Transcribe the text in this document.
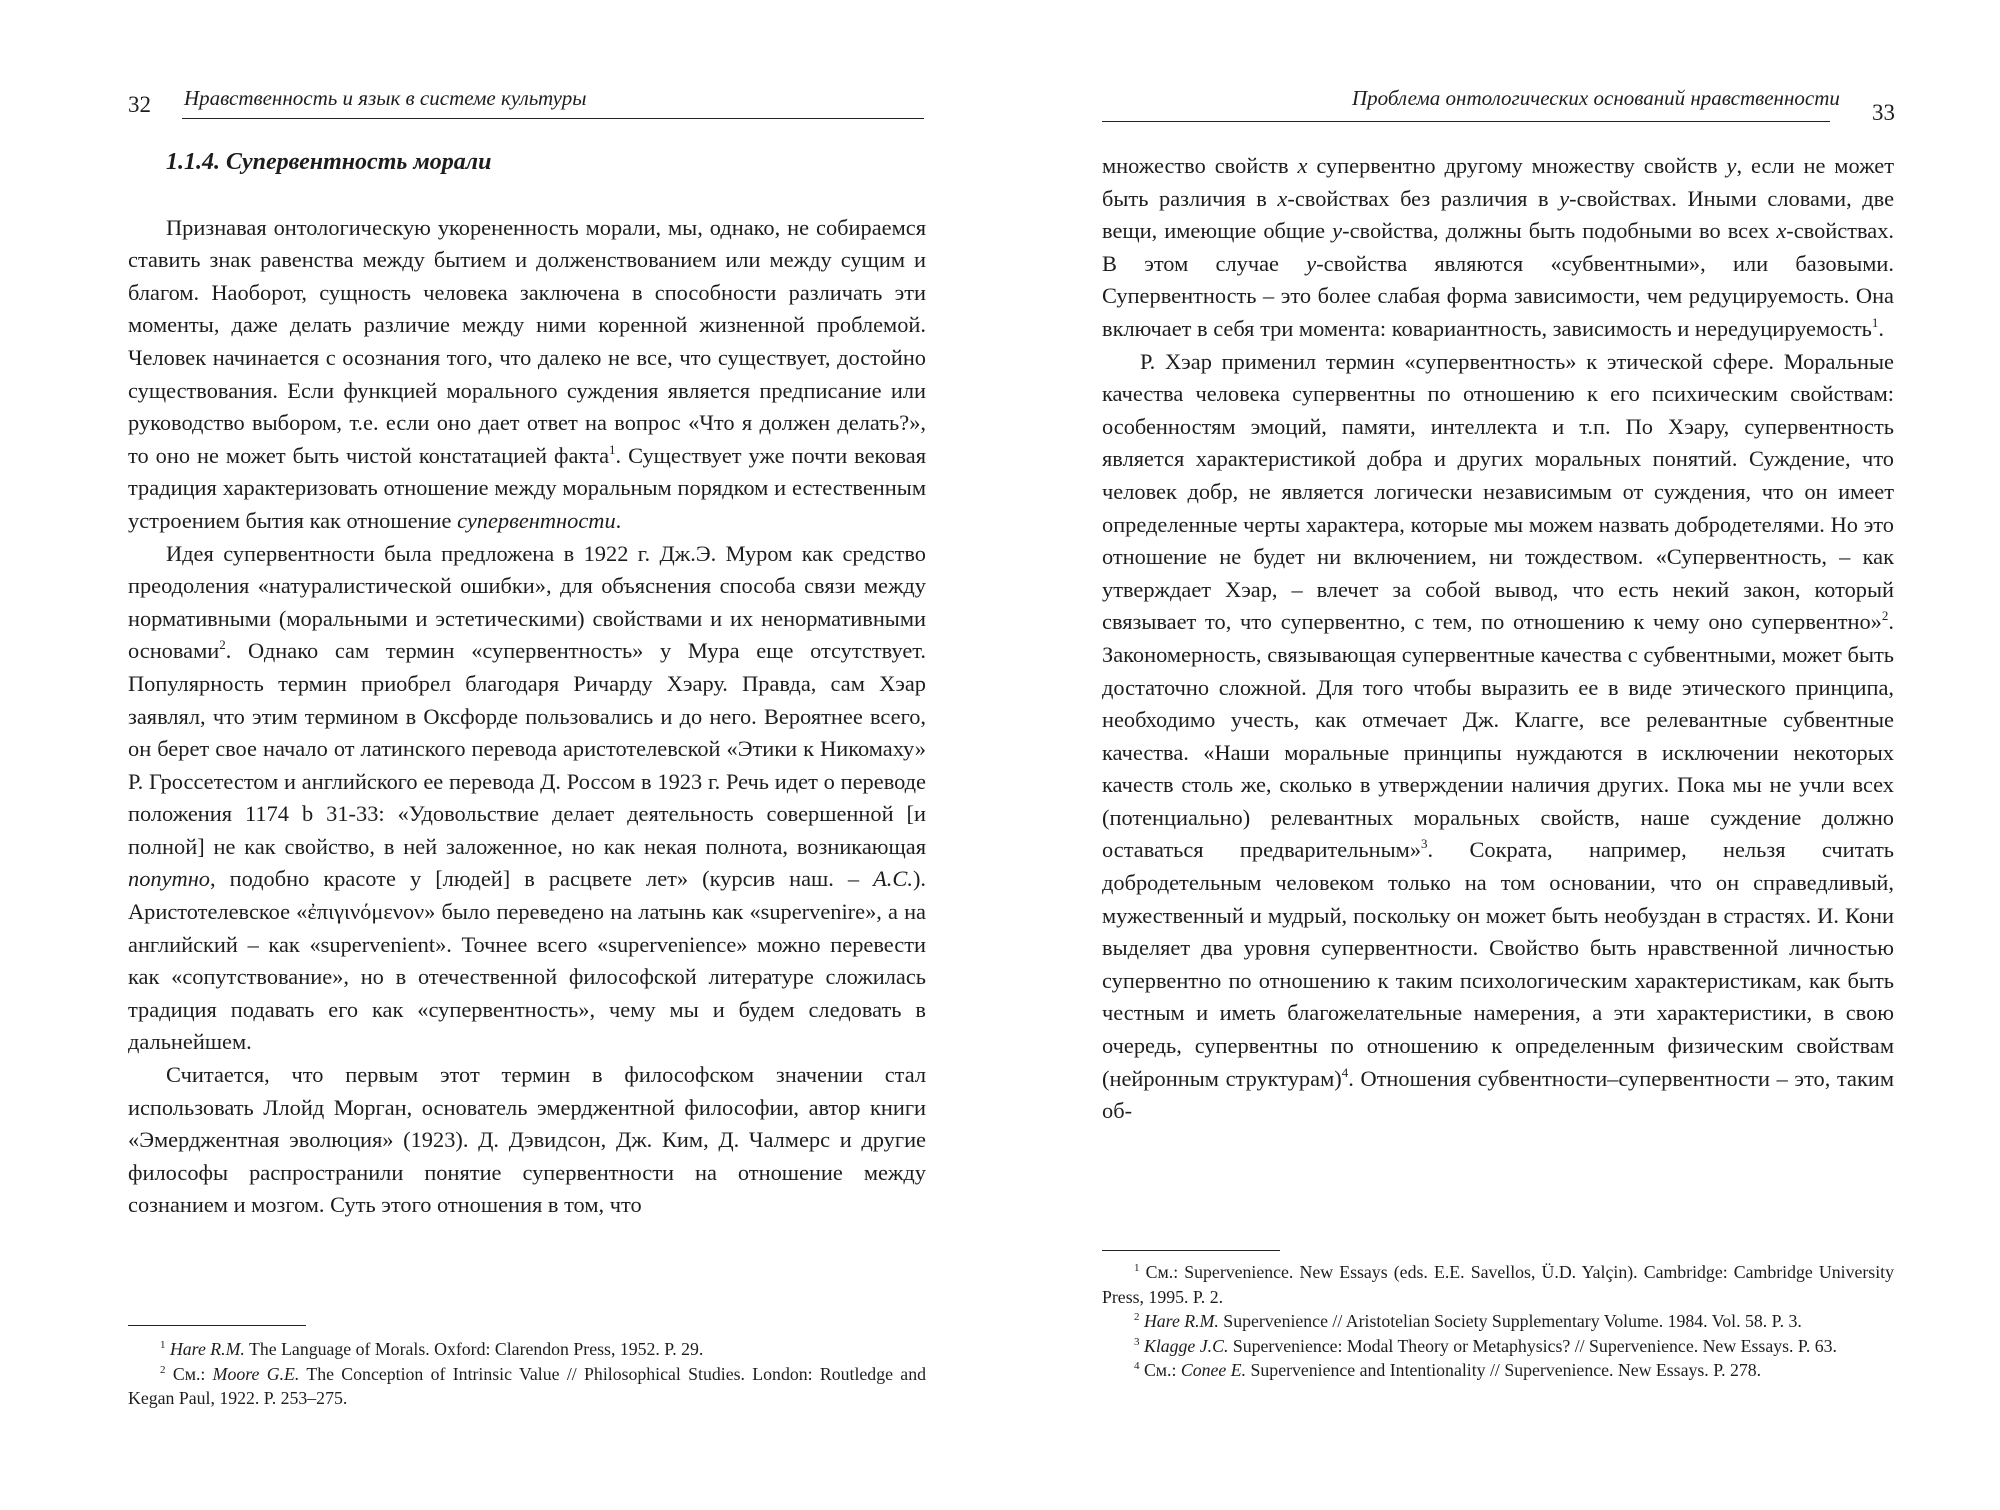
32 Нравственность и язык в системе культуры
1.1.4. Супервентность морали

Признавая онтологическую укорененность морали, мы, однако, не собираемся ставить знак равенства между бытием и долженствованием или между сущим и благом. Наоборот, сущность человека заключена в способности различать эти моменты, даже делать различие между ними коренной жизненной проблемой. Человек начинается с осознания того, что далеко не все, что существует, достойно существования. Если функцией морального суждения является предписание или руководство выбором, т.е. если оно дает ответ на вопрос «Что я должен делать?», то оно не может быть чистой констатацией факта$^1$. Существует уже почти вековая традиция характеризовать отношение между моральным порядком и естественным устроением бытия как отношение супервентности.

Идея супервентности была предложена в 1922 г. Дж.Э. Муром как средство преодоления «натуралистической ошибки», для объяснения способа связи между нормативными (моральными и эстетическими) свойствами и их ненормативными основами$^2$. Однако сам термин «супервентность» у Мура еще отсутствует. Популярность термин приобрел благодаря Ричарду Хэару. Правда, сам Хэар заявлял, что этим термином в Оксфорде пользовались и до него. Вероятнее всего, он берет свое начало от латинского перевода аристотелевской «Этики к Никомаху» Р. Гроссетестом и английского ее перевода Д. Россом в 1923 г. Речь идет о переводе положения 1174 b 31-33: «Удовольствие делает деятельность совершенной [и полной] не как свойство, в ней заложенное, но как некая полнота, возникающая попутно, подобно красоте у [людей] в расцвете лет» (курсив наш. – А.С.). Аристотелевское «ἐπιγινόμενον» было переведено на латынь как «supervenire», а на английский – как «supervenient». Точнее всего «supervenience» можно перевести как «сопутствование», но в отечественной философской литературе сложилась традиция подавать его как «супервентность», чему мы и будем следовать в дальнейшем.

Считается, что первым этот термин в философском значении стал использовать Ллойд Морган, основатель эмерджентной философии, автор книги «Эмерджентная эволюция» (1923). Д. Дэвидсон, Дж. Ким, Д. Чалмерс и другие философы распространили понятие супервентности на отношение между сознанием и мозгом. Суть этого отношения в том, что

$^1$ Hare R.M. The Language of Morals. Oxford: Clarendon Press, 1952. P. 29.

$^2$ См.: Moore G.E. The Conception of Intrinsic Value // Philosophical Studies. London: Routledge and Kegan Paul, 1922. P. 253–275.

Проблема онтологических оснований нравственности
33

множество свойств x супервентно другому множеству свойств y, если не может быть различия в x-свойствах без различия в y-свойствах. Иными словами, две вещи, имеющие общие y-свойства, должны быть подобными во всех x-свойствах. В этом случае y-свойства являются «субвентными», или базовыми. Супервентность – это более слабая форма зависимости, чем редуцируемость. Она включает в себя три момента: ковариантность, зависимость и нередуцируемость$^1$.

Р. Хэар применил термин «супервентность» к этической сфере. Моральные качества человека супервентны по отношению к его психическим свойствам: особенностям эмоций, памяти, интеллекта и т.п. По Хэару, супервентность является характеристикой добра и других моральных понятий. Суждение, что человек добр, не является логически независимым от суждения, что он имеет определенные черты характера, которые мы можем назвать добродетелями. Но это отношение не будет ни включением, ни тождеством. «Супервентность, – как утверждает Хэар, – влечет за собой вывод, что есть некий закон, который связывает то, что супервентно, с тем, по отношению к чему оно супервентно»$^2$. Закономерность, связывающая супервентные качества с субвентными, может быть достаточно сложной. Для того чтобы выразить ее в виде этического принципа, необходимо учесть, как отмечает Дж. Клагге, все релевантные субвентные качества. «Наши моральные принципы нуждаются в исключении некоторых качеств столь же, сколько в утверждении наличия других. Пока мы не учли всех (потенциально) релевантных моральных свойств, наше суждение должно оставаться предварительным»$^3$. Сократа, например, нельзя считать добродетельным человеком только на том основании, что он справедливый, мужественный и мудрый, поскольку он может быть необуздан в страстях. И. Кони выделяет два уровня супервентности. Свойство быть нравственной личностью супервентно по отношению к таким психологическим характеристикам, как быть честным и иметь благожелательные намерения, а эти характеристики, в свою очередь, супервентны по отношению к определенным физическим свойствам (нейронным структурам)$^4$. Отношения субвентности–супервентности – это, таким об-

$^1$ См.: Supervenience. New Essays (eds. E.E. Savellos, Ü.D. Yalçin). Cambridge: Cambridge University Press, 1995. P. 2.

$^2$ Hare R.M. Supervenience // Aristotelian Society Supplementary Volume. 1984. Vol. 58. P. 3.

$^3$ Klagge J.C. Supervenience: Modal Theory or Metaphysics? // Supervenience. New Essays. P. 63.

$^4$ См.: Conee E. Supervenience and Intentionality // Supervenience. New Essays. P. 278.
